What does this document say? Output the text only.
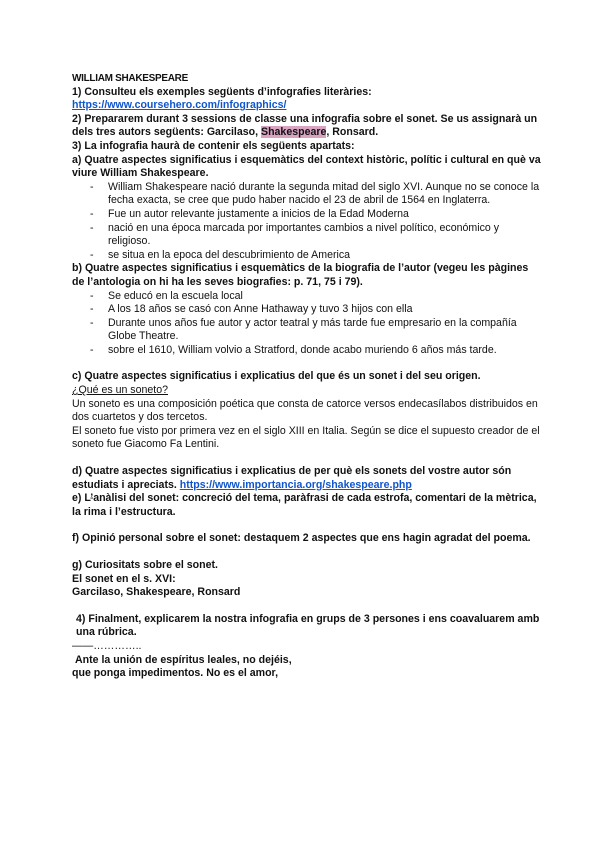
WILLIAM SHAKESPEARE

1) Consulteu els exemples següents d’infografies literàries:

https://www.coursehero.com/infographics/

2) Prepararem durant 3 sessions de classe una infografia sobre el sonet. Se us assignarà un dels tres autors següents: Garcilaso, Shakespeare, Ronsard.

3) La infografia haurà de contenir els següents apartats:

a) Quatre aspectes significatius i esquemàtics del context històric, polític i cultural en què va viure William Shakespeare.

- William Shakespeare nació durante la segunda mitad del siglo XVI. Aunque no se conoce la fecha exacta, se cree que pudo haber nacido el 23 de abril de 1564 en Inglaterra.
- Fue un autor relevante justamente a inicios de la Edad Moderna
- nació en una época marcada por importantes cambios a nivel político, económico y religioso.
- se situa en la epoca del descubrimiento de America

b) Quatre aspectes significatius i esquemàtics de la biografia de l’autor (vegeu les pàgines de l’antologia on hi ha les seves biografies: p. 71, 75 i 79).

- Se educó en la escuela local
- A los 18 años se casó con Anne Hathaway y tuvo 3 hijos con ella
- Durante unos años fue autor y actor teatral y más tarde fue empresario en la compañía Globe Theatre.
- sobre el 1610, William volvio a Stratford, donde acabo muriendo 6 años más tarde.

c) Quatre aspectes significatius i explicatius del que és un sonet i del seu origen.

¿Qué es un soneto?

Un soneto es una composición poética que consta de catorce versos endecasílabos distribuidos en dos cuartetos y dos tercetos.

El soneto fue visto por primera vez en el siglo XIII en Italia. Según se dice el supuesto creador de el soneto fue Giacomo Fa Lentini.

d) Quatre aspectes significatius i explicatius de per què els sonets del vostre autor són estudiats i apreciats. https://www.importancia.org/shakespeare.php

e) L’anàlisi del sonet: concreció del tema, paràfrasi de cada estrofa, comentari de la mètrica, la rima i l’estructura.

f) Opinió personal sobre el sonet: destaquem 2 aspectes que ens hagin agradat del poema.

g) Curiositats sobre el sonet.

El sonet en el s. XVI:

Garcilaso, Shakespeare, Ronsard

4) Finalment, explicarem la nostra infografia en grups de 3 persones i ens coavaluarem amb una rúbrica.

——…………..

Ante la unión de espíritus leales, no dejéis,

que ponga impedimentos. No es el amor,
